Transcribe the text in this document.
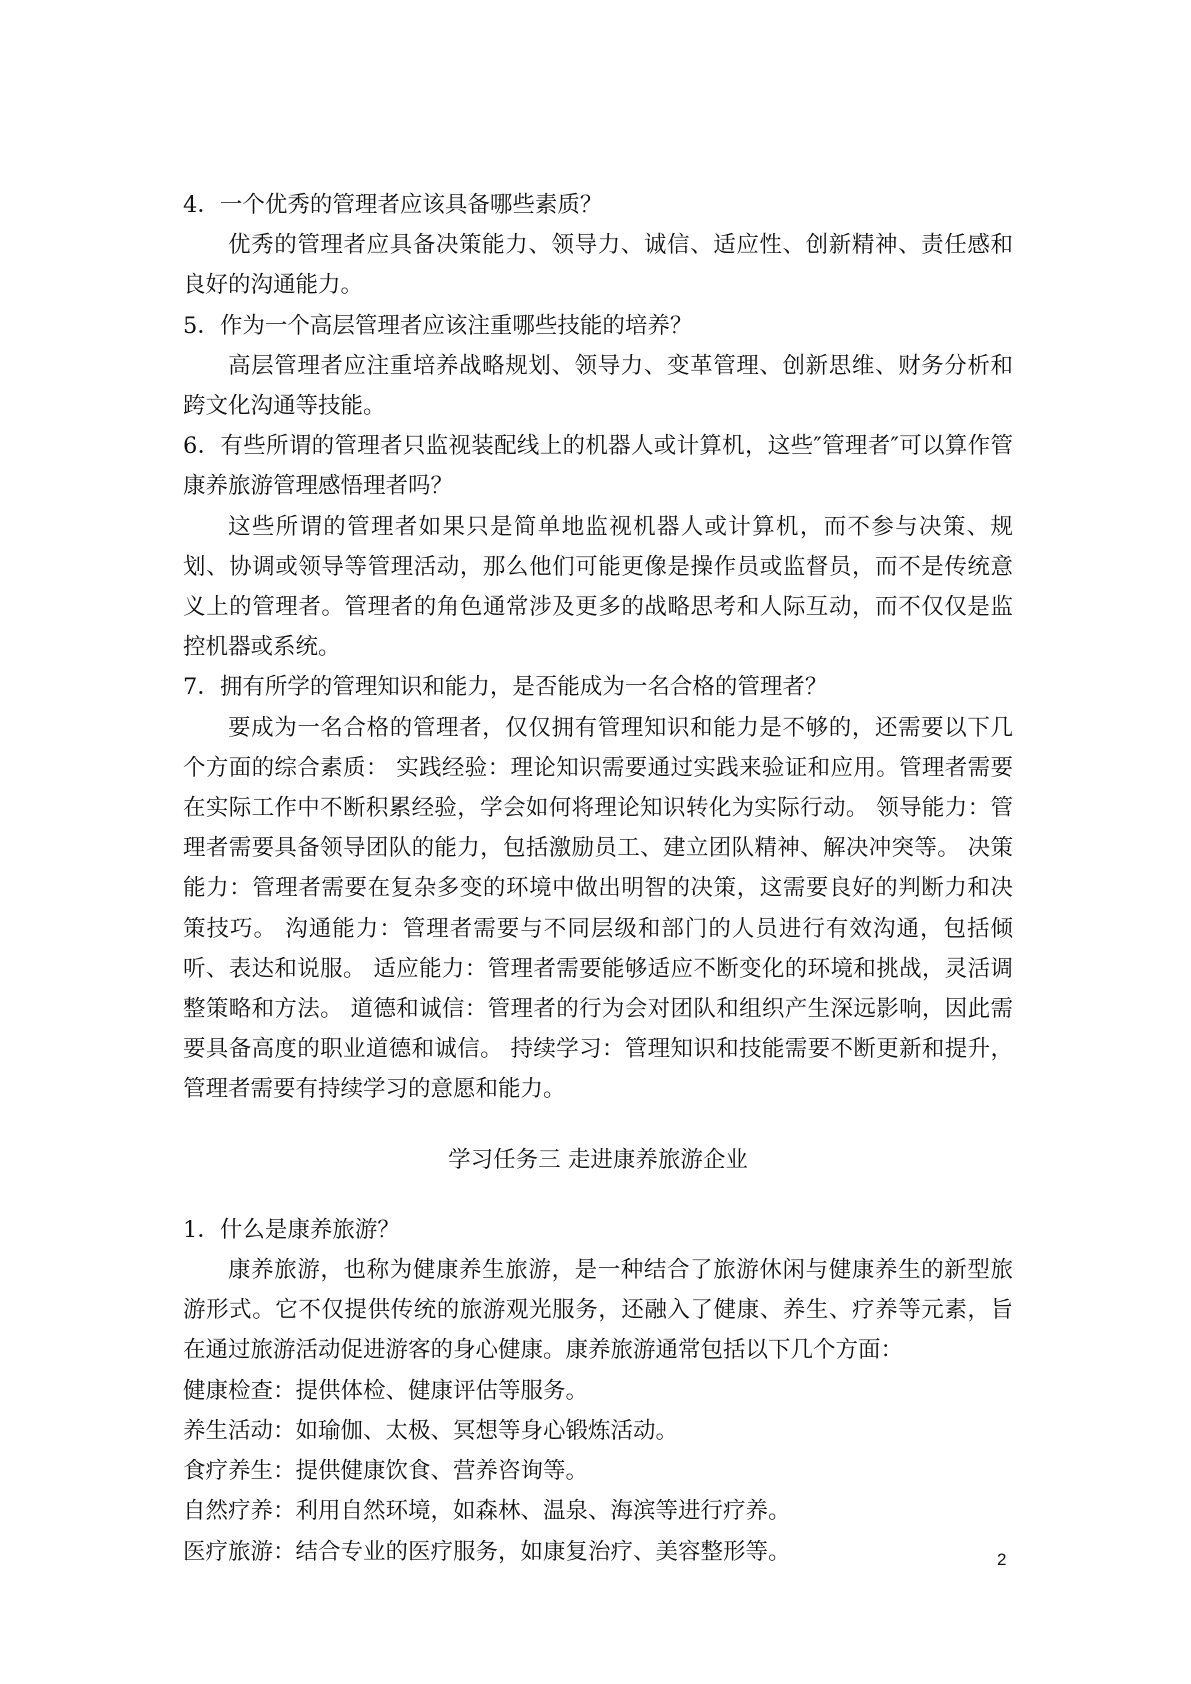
4．一个优秀的管理者应该具备哪些素质？

优秀的管理者应具备决策能力、领导力、诚信、适应性、创新精神、责任感和良好的沟通能力。

5．作为一个高层管理者应该注重哪些技能的培养？

高层管理者应注重培养战略规划、领导力、变革管理、创新思维、财务分析和跨文化沟通等技能。

6．有些所谓的管理者只监视装配线上的机器人或计算机，这些″管理者″可以算作管康养旅游管理感悟理者吗？

这些所谓的管理者如果只是简单地监视机器人或计算机，而不参与决策、规划、协调或领导等管理活动，那么他们可能更像是操作员或监督员，而不是传统意义上的管理者。管理者的角色通常涉及更多的战略思考和人际互动，而不仅仅是监控机器或系统。

7．拥有所学的管理知识和能力，是否能成为一名合格的管理者？

要成为一名合格的管理者，仅仅拥有管理知识和能力是不够的，还需要以下几个方面的综合素质： 实践经验：理论知识需要通过实践来验证和应用。管理者需要在实际工作中不断积累经验，学会如何将理论知识转化为实际行动。 领导能力：管理者需要具备领导团队的能力，包括激励员工、建立团队精神、解决冲突等。 决策能力：管理者需要在复杂多变的环境中做出明智的决策，这需要良好的判断力和决策技巧。 沟通能力：管理者需要与不同层级和部门的人员进行有效沟通，包括倾听、表达和说服。 适应能力：管理者需要能够适应不断变化的环境和挑战，灵活调整策略和方法。 道德和诚信：管理者的行为会对团队和组织产生深远影响，因此需要具备高度的职业道德和诚信。 持续学习：管理知识和技能需要不断更新和提升，管理者需要有持续学习的意愿和能力。

学习任务三 走进康养旅游企业

1．什么是康养旅游？

康养旅游，也称为健康养生旅游，是一种结合了旅游休闲与健康养生的新型旅游形式。它不仅提供传统的旅游观光服务，还融入了健康、养生、疗养等元素，旨在通过旅游活动促进游客的身心健康。康养旅游通常包括以下几个方面：

健康检查：提供体检、健康评估等服务。

养生活动：如瑜伽、太极、冥想等身心锻炼活动。

食疗养生：提供健康饮食、营养咨询等。

自然疗养：利用自然环境，如森林、温泉、海滨等进行疗养。

医疗旅游：结合专业的医疗服务，如康复治疗、美容整形等。	2
